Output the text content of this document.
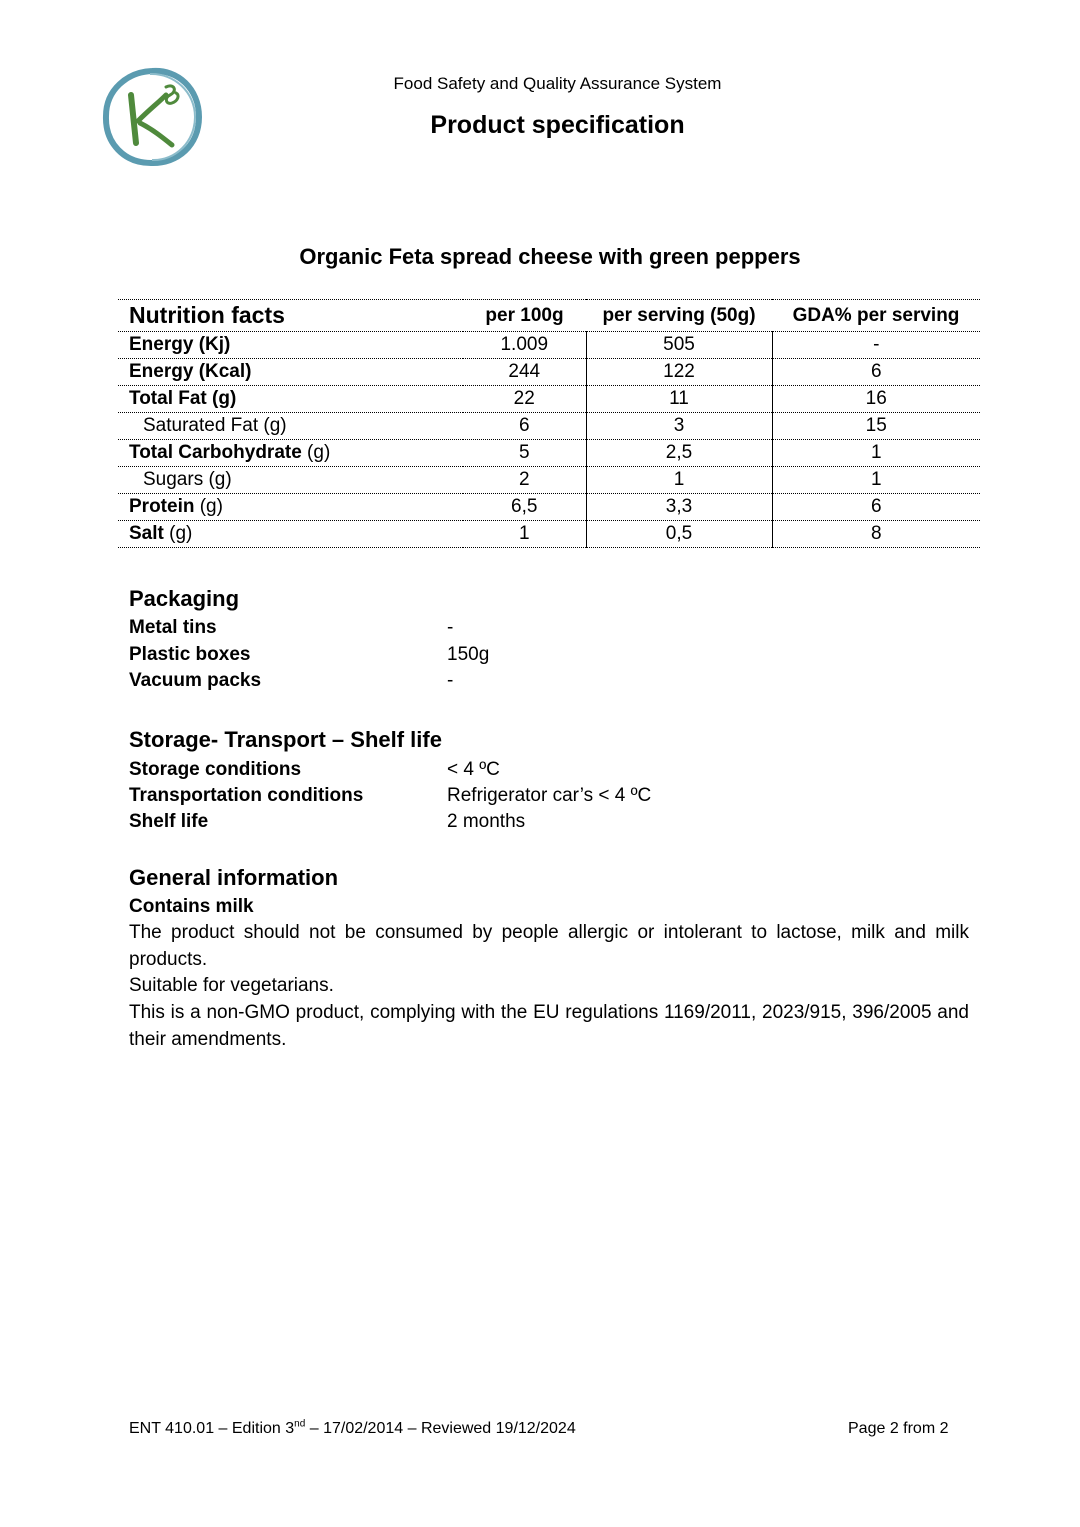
Food Safety and Quality Assurance System
Product specification
Organic Feta spread cheese with green peppers
Nutrition facts	per 100g	per serving (50g)	GDA% per serving
Energy (Kj)	1.009	505	-
Energy (Kcal)	244	122	6
Total Fat (g)	22	11	16
Saturated Fat (g)	6	3	15
Total Carbohydrate (g)	5	2,5	1
Sugars (g)	2	1	1
Protein (g)	6,5	3,3	6
Salt (g)	1	0,5	8
Packaging
Metal tins	-
Plastic boxes	150g
Vacuum packs	-
Storage- Transport – Shelf life
Storage conditions	< 4 ºC
Transportation conditions	Refrigerator car’s < 4 ºC
Shelf life	2 months
General information
Contains milk
The product should not be consumed by people allergic or intolerant to lactose, milk and milk products.
Suitable for vegetarians.
This is a non-GMO product, complying with the EU regulations 1169/2011, 2023/915, 396/2005 and their amendments.
ENT 410.01 – Edition 3nd – 17/02/2014 – Reviewed 19/12/2024	Page 2 from 2
